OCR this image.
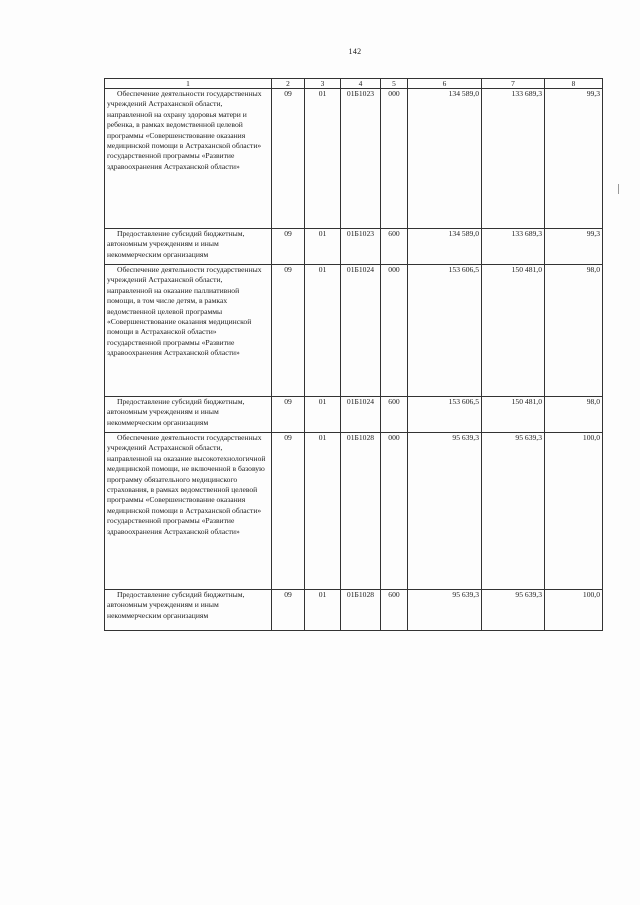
142
1	2	3	4	5	6	7	8
Обеспечение деятельности государственных учреждений Астраханской области, направленной на охрану здоровья матери и ребенка, в рамках ведомственной целевой программы «Совершенствование оказания медицинской помощи в Астраханской области» государственной программы «Развитие здравоохранения Астраханской области»	09	01	01Б1023	000	134 589,0	133 689,3	99,3
Предоставление субсидий бюджетным, автономным учреждениям и иным некоммерческим организациям	09	01	01Б1023	600	134 589,0	133 689,3	99,3
Обеспечение деятельности государственных учреждений Астраханской области, направленной на оказание паллиативной помощи, в том числе детям, в рамках ведомственной целевой программы «Совершенствование оказания медицинской помощи в Астраханской области» государственной программы «Развитие здравоохранения Астраханской области»	09	01	01Б1024	000	153 606,5	150 481,0	98,0
Предоставление субсидий бюджетным, автономным учреждениям и иным некоммерческим организациям	09	01	01Б1024	600	153 606,5	150 481,0	98,0
Обеспечение деятельности государственных учреждений Астраханской области, направленной на оказание высокотехнологичной медицинской помощи, не включенной в базовую программу обязательного медицинского страхования, в рамках ведомственной целевой программы «Совершенствование оказания медицинской помощи в Астраханской области» государственной программы «Развитие здравоохранения Астраханской области»	09	01	01Б1028	000	95 639,3	95 639,3	100,0
Предоставление субсидий бюджетным, автономным учреждениям и иным некоммерческим организациям	09	01	01Б1028	600	95 639,3	95 639,3	100,0
